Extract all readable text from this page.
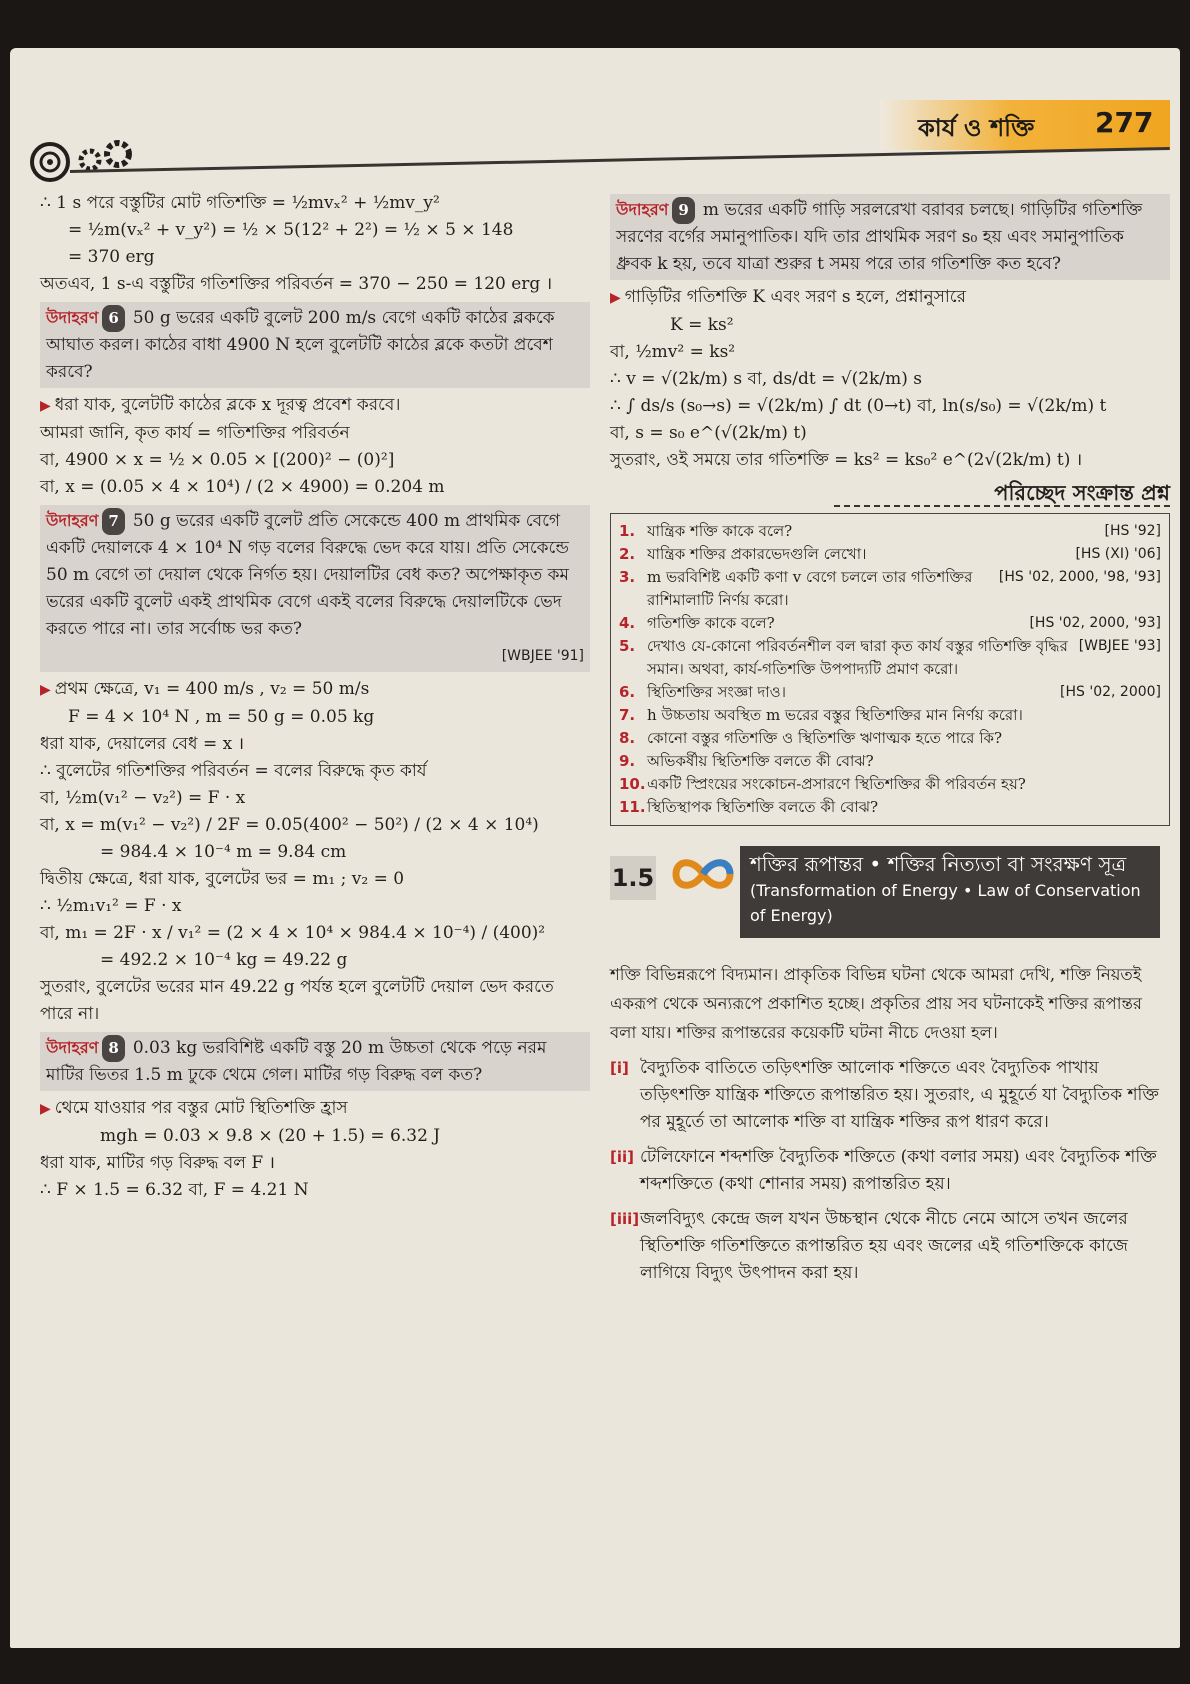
কার্য ও শক্তি 277
∴ 1 s পরে বস্তুটির মোট গতিশক্তি = ½mvₓ² + ½mv_y²
= ½m(vₓ² + v_y²) = ½ × 5(12² + 2²) = ½ × 5 × 148
= 370 erg
অতএব, 1 s-এ বস্তুটির গতিশক্তির পরিবর্তন = 370 − 250 = 120 erg ।
উদাহরণ 6 50 g ভরের একটি বুলেট 200 m/s বেগে একটি কাঠের ব্লককে আঘাত করল। কাঠের বাধা 4900 N হলে বুলেটটি কাঠের ব্লকে কতটা প্রবেশ করবে?
▶ ধরা যাক, বুলেটটি কাঠের ব্লকে x দূরত্ব প্রবেশ করবে।
আমরা জানি, কৃত কার্য = গতিশক্তির পরিবর্তন
বা, 4900 × x = ½ × 0.05 × [(200)² − (0)²]
বা, x = (0.05 × 4 × 10⁴) / (2 × 4900) = 0.204 m
উদাহরণ 7 50 g ভরের একটি বুলেট প্রতি সেকেন্ডে 400 m প্রাথমিক বেগে একটি দেয়ালকে 4 × 10⁴ N গড় বলের বিরুদ্ধে ভেদ করে যায়। প্রতি সেকেন্ডে 50 m বেগে তা দেয়াল থেকে নির্গত হয়। দেয়ালটির বেধ কত? অপেক্ষাকৃত কম ভরের একটি বুলেট একই প্রাথমিক বেগে একই বলের বিরুদ্ধে দেয়ালটিকে ভেদ করতে পারে না। তার সর্বোচ্চ ভর কত?
[WBJEE '91]
▶ প্রথম ক্ষেত্রে, v₁ = 400 m/s , v₂ = 50 m/s
F = 4 × 10⁴ N , m = 50 g = 0.05 kg
ধরা যাক, দেয়ালের বেধ = x ।
∴ বুলেটের গতিশক্তির পরিবর্তন = বলের বিরুদ্ধে কৃত কার্য
বা, ½m(v₁² − v₂²) = F · x
বা, x = m(v₁² − v₂²) / 2F = 0.05(400² − 50²) / (2 × 4 × 10⁴)
= 984.4 × 10⁻⁴ m = 9.84 cm
দ্বিতীয় ক্ষেত্রে, ধরা যাক, বুলেটের ভর = m₁ ; v₂ = 0
∴ ½m₁v₁² = F · x
বা, m₁ = 2F · x / v₁² = (2 × 4 × 10⁴ × 984.4 × 10⁻⁴) / (400)²
= 492.2 × 10⁻⁴ kg = 49.22 g
সুতরাং, বুলেটের ভরের মান 49.22 g পর্যন্ত হলে বুলেটটি দেয়াল ভেদ করতে পারে না।
উদাহরণ 8 0.03 kg ভরবিশিষ্ট একটি বস্তু 20 m উচ্চতা থেকে পড়ে নরম মাটির ভিতর 1.5 m ঢুকে থেমে গেল। মাটির গড় বিরুদ্ধ বল কত?
▶ থেমে যাওয়ার পর বস্তুর মোট স্থিতিশক্তি হ্রাস
mgh = 0.03 × 9.8 × (20 + 1.5) = 6.32 J
ধরা যাক, মাটির গড় বিরুদ্ধ বল F ।
∴ F × 1.5 = 6.32 বা, F = 4.21 N
উদাহরণ 9 m ভরের একটি গাড়ি সরলরেখা বরাবর চলছে। গাড়িটির গতিশক্তি সরণের বর্গের সমানুপাতিক। যদি তার প্রাথমিক সরণ s₀ হয় এবং সমানুপাতিক ধ্রুবক k হয়, তবে যাত্রা শুরুর t সময় পরে তার গতিশক্তি কত হবে?
▶ গাড়িটির গতিশক্তি K এবং সরণ s হলে, প্রশ্নানুসারে
K = ks²
বা, ½mv² = ks²
∴ v = √(2k/m) s বা, ds/dt = √(2k/m) s
∴ ∫ ds/s (s₀→s) = √(2k/m) ∫ dt (0→t) বা, ln(s/s₀) = √(2k/m) t
বা, s = s₀ e^(√(2k/m) t)
সুতরাং, ওই সময়ে তার গতিশক্তি = ks² = ks₀² e^(2√(2k/m) t) ।
পরিচ্ছেদ সংক্রান্ত প্রশ্ন
1. যান্ত্রিক শক্তি কাকে বলে?	[HS '92]
2. যান্ত্রিক শক্তির প্রকারভেদগুলি লেখো।	[HS (XI) '06]
3. m ভরবিশিষ্ট একটি কণা v বেগে চললে তার গতিশক্তির রাশিমালাটি নির্ণয় করো।
[HS '02, 2000, '98, '93]
4. গতিশক্তি কাকে বলে?	[HS '02, 2000, '93]
5. দেখাও যে-কোনো পরিবর্তনশীল বল দ্বারা কৃত কার্য বস্তুর গতিশক্তি বৃদ্ধির সমান। অথবা, কার্য-গতিশক্তি উপপাদ্যটি প্রমাণ করো।
[WBJEE '93]
6. স্থিতিশক্তির সংজ্ঞা দাও।	[HS '02, 2000]
7. h উচ্চতায় অবস্থিত m ভরের বস্তুর স্থিতিশক্তির মান নির্ণয় করো।
8. কোনো বস্তুর গতিশক্তি ও স্থিতিশক্তি ঋণাত্মক হতে পারে কি?
9. অভিকর্ষীয় স্থিতিশক্তি বলতে কী বোঝ?
10. একটি স্প্রিংয়ের সংকোচন-প্রসারণে স্থিতিশক্তির কী পরিবর্তন হয়?
11. স্থিতিস্থাপক স্থিতিশক্তি বলতে কী বোঝ?
1.5	শক্তির রূপান্তর • শক্তির নিত্যতা বা সংরক্ষণ সূত্র
(Transformation of Energy • Law of Conservation of Energy)
শক্তি বিভিন্নরূপে বিদ্যমান। প্রাকৃতিক বিভিন্ন ঘটনা থেকে আমরা দেখি, শক্তি নিয়তই একরূপ থেকে অন্যরূপে প্রকাশিত হচ্ছে। প্রকৃতির প্রায় সব ঘটনাকেই শক্তির রূপান্তর বলা যায়। শক্তির রূপান্তরের কয়েকটি ঘটনা নীচে দেওয়া হল।
[i] বৈদ্যুতিক বাতিতে তড়িৎশক্তি আলোক শক্তিতে এবং বৈদ্যুতিক পাখায় তড়িৎশক্তি যান্ত্রিক শক্তিতে রূপান্তরিত হয়। সুতরাং, এ মুহূর্তে যা বৈদ্যুতিক শক্তি পর মুহূর্তে তা আলোক শক্তি বা যান্ত্রিক শক্তির রূপ ধারণ করে।
[ii] টেলিফোনে শব্দশক্তি বৈদ্যুতিক শক্তিতে (কথা বলার সময়) এবং বৈদ্যুতিক শক্তি শব্দশক্তিতে (কথা শোনার সময়) রূপান্তরিত হয়।
[iii] জলবিদ্যুৎ কেন্দ্রে জল যখন উচ্চস্থান থেকে নীচে নেমে আসে তখন জলের স্থিতিশক্তি গতিশক্তিতে রূপান্তরিত হয় এবং জলের এই গতিশক্তিকে কাজে লাগিয়ে বিদ্যুৎ উৎপাদন করা হয়।
